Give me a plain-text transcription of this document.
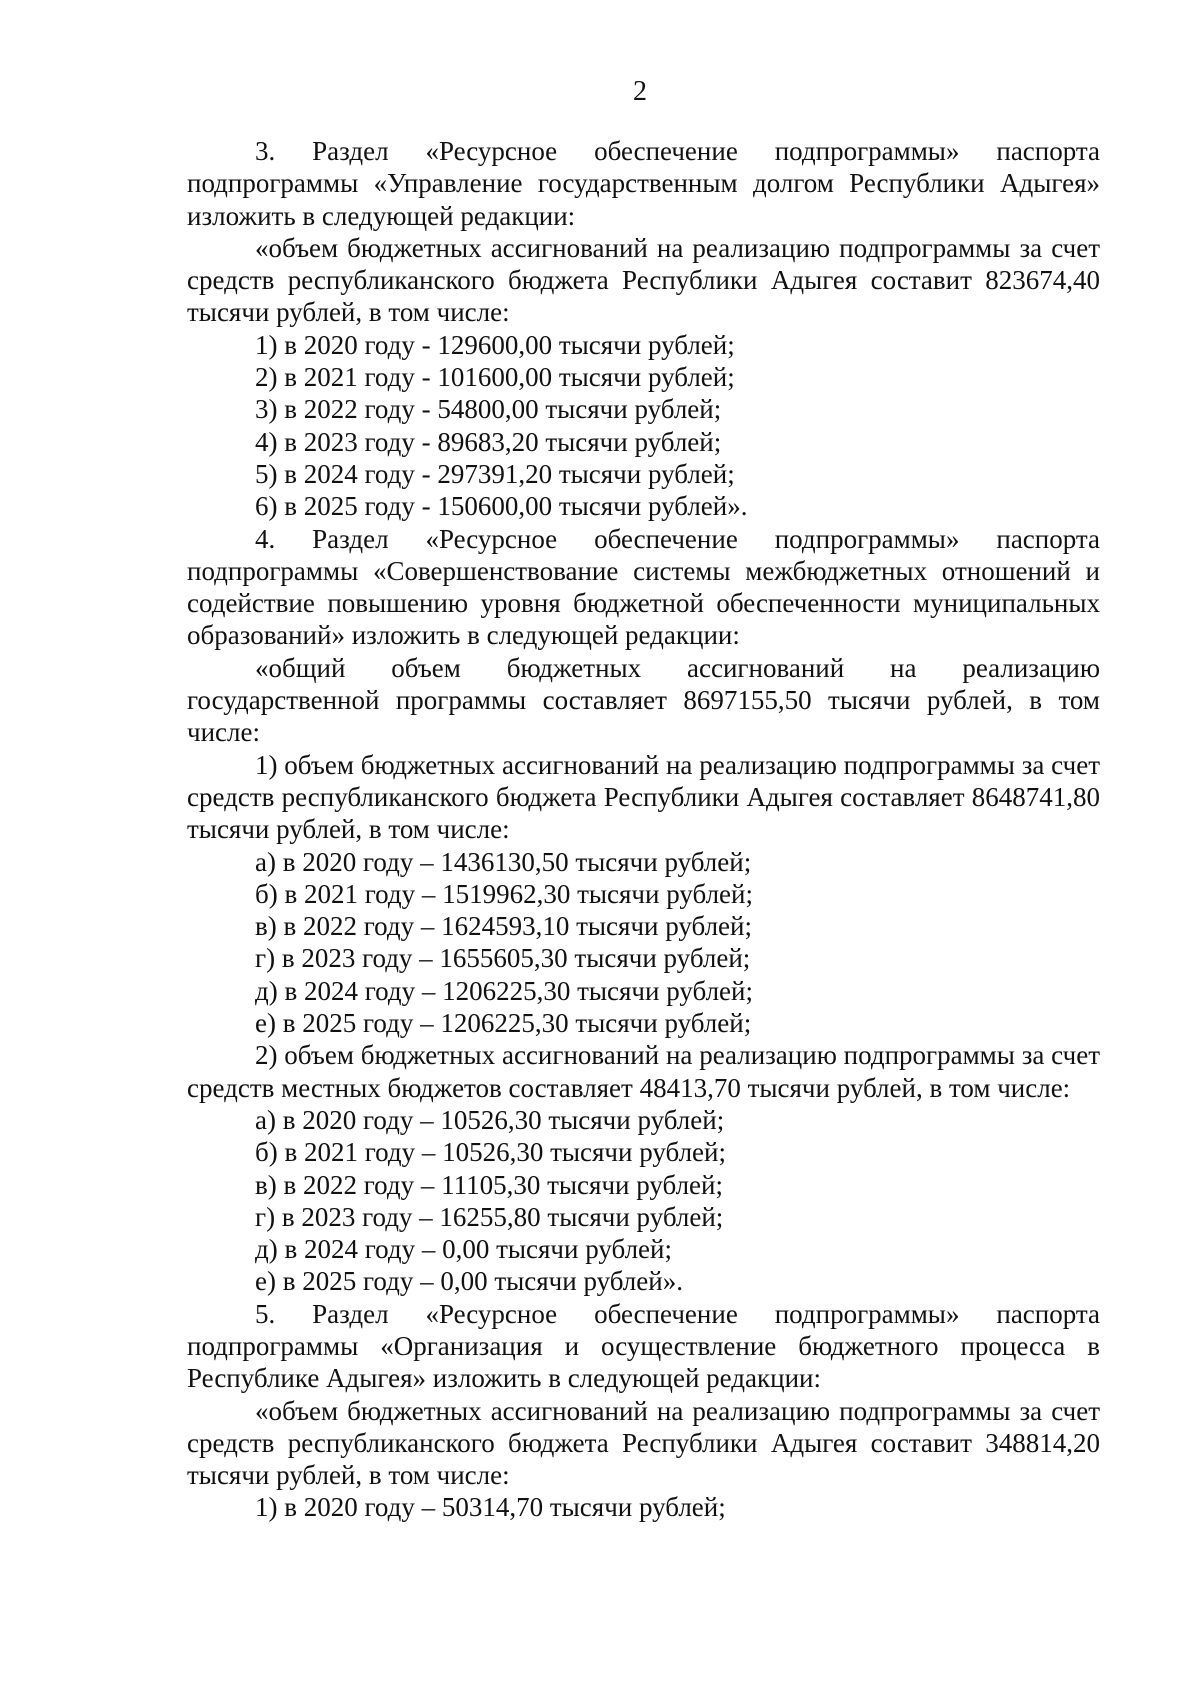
2
3. Раздел «Ресурсное обеспечение подпрограммы» паспорта подпрограммы «Управление государственным долгом Республики Адыгея» изложить в следующей редакции:
«объем бюджетных ассигнований на реализацию подпрограммы за счет средств республиканского бюджета Республики Адыгея составит 823674,40 тысячи рублей, в том числе:
1) в 2020 году - 129600,00 тысячи рублей;
2) в 2021 году - 101600,00 тысячи рублей;
3) в 2022 году - 54800,00 тысячи рублей;
4) в 2023 году - 89683,20 тысячи рублей;
5) в 2024 году - 297391,20 тысячи рублей;
6) в 2025 году - 150600,00 тысячи рублей».
4. Раздел «Ресурсное обеспечение подпрограммы» паспорта подпрограммы «Совершенствование системы межбюджетных отношений и содействие повышению уровня бюджетной обеспеченности муниципальных образований» изложить в следующей редакции:
«общий объем бюджетных ассигнований на реализацию государственной программы составляет 8697155,50 тысячи рублей, в том числе:
1) объем бюджетных ассигнований на реализацию подпрограммы за счет средств республиканского бюджета Республики Адыгея составляет 8648741,80 тысячи рублей, в том числе:
а) в 2020 году – 1436130,50 тысячи рублей;
б) в 2021 году – 1519962,30 тысячи рублей;
в) в 2022 году – 1624593,10 тысячи рублей;
г) в 2023 году – 1655605,30 тысячи рублей;
д) в 2024 году – 1206225,30 тысячи рублей;
е) в 2025 году – 1206225,30 тысячи рублей;
2) объем бюджетных ассигнований на реализацию подпрограммы за счет средств местных бюджетов составляет 48413,70 тысячи рублей, в том числе:
а) в 2020 году – 10526,30 тысячи рублей;
б) в 2021 году – 10526,30 тысячи рублей;
в) в 2022 году – 11105,30 тысячи рублей;
г) в 2023 году – 16255,80 тысячи рублей;
д) в 2024 году – 0,00 тысячи рублей;
е) в 2025 году – 0,00 тысячи рублей».
5. Раздел «Ресурсное обеспечение подпрограммы» паспорта подпрограммы «Организация и осуществление бюджетного процесса в Республике Адыгея» изложить в следующей редакции:
«объем бюджетных ассигнований на реализацию подпрограммы за счет средств республиканского бюджета Республики Адыгея составит 348814,20 тысячи рублей, в том числе:
1) в 2020 году – 50314,70 тысячи рублей;
